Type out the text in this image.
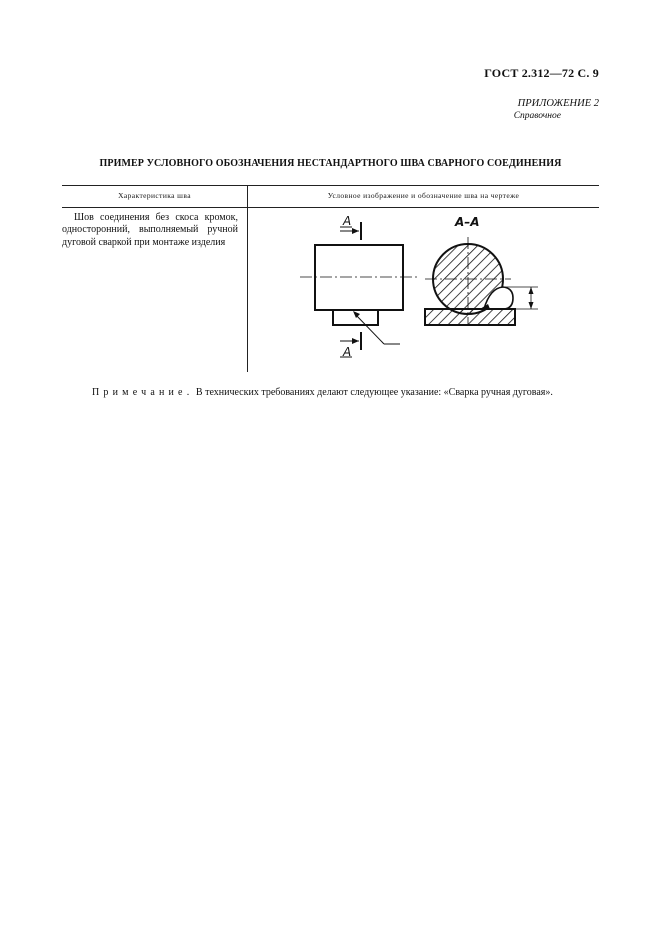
ГОСТ 2.312—72 С. 9
ПРИЛОЖЕНИЕ 2
Справочное
ПРИМЕР УСЛОВНОГО ОБОЗНАЧЕНИЯ НЕСТАНДАРТНОГО ШВА СВАРНОГО СОЕДИНЕНИЯ
Характеристика шва	Условное изображение и обозначение шва на чертеже
Шов соединения без скоса кромок, односторонний, выполняемый ручной дуговой сваркой при монтаже изделия
А
А
А–А
Примечание. В технических требованиях делают следующее указание: «Сварка ручная дуговая».
